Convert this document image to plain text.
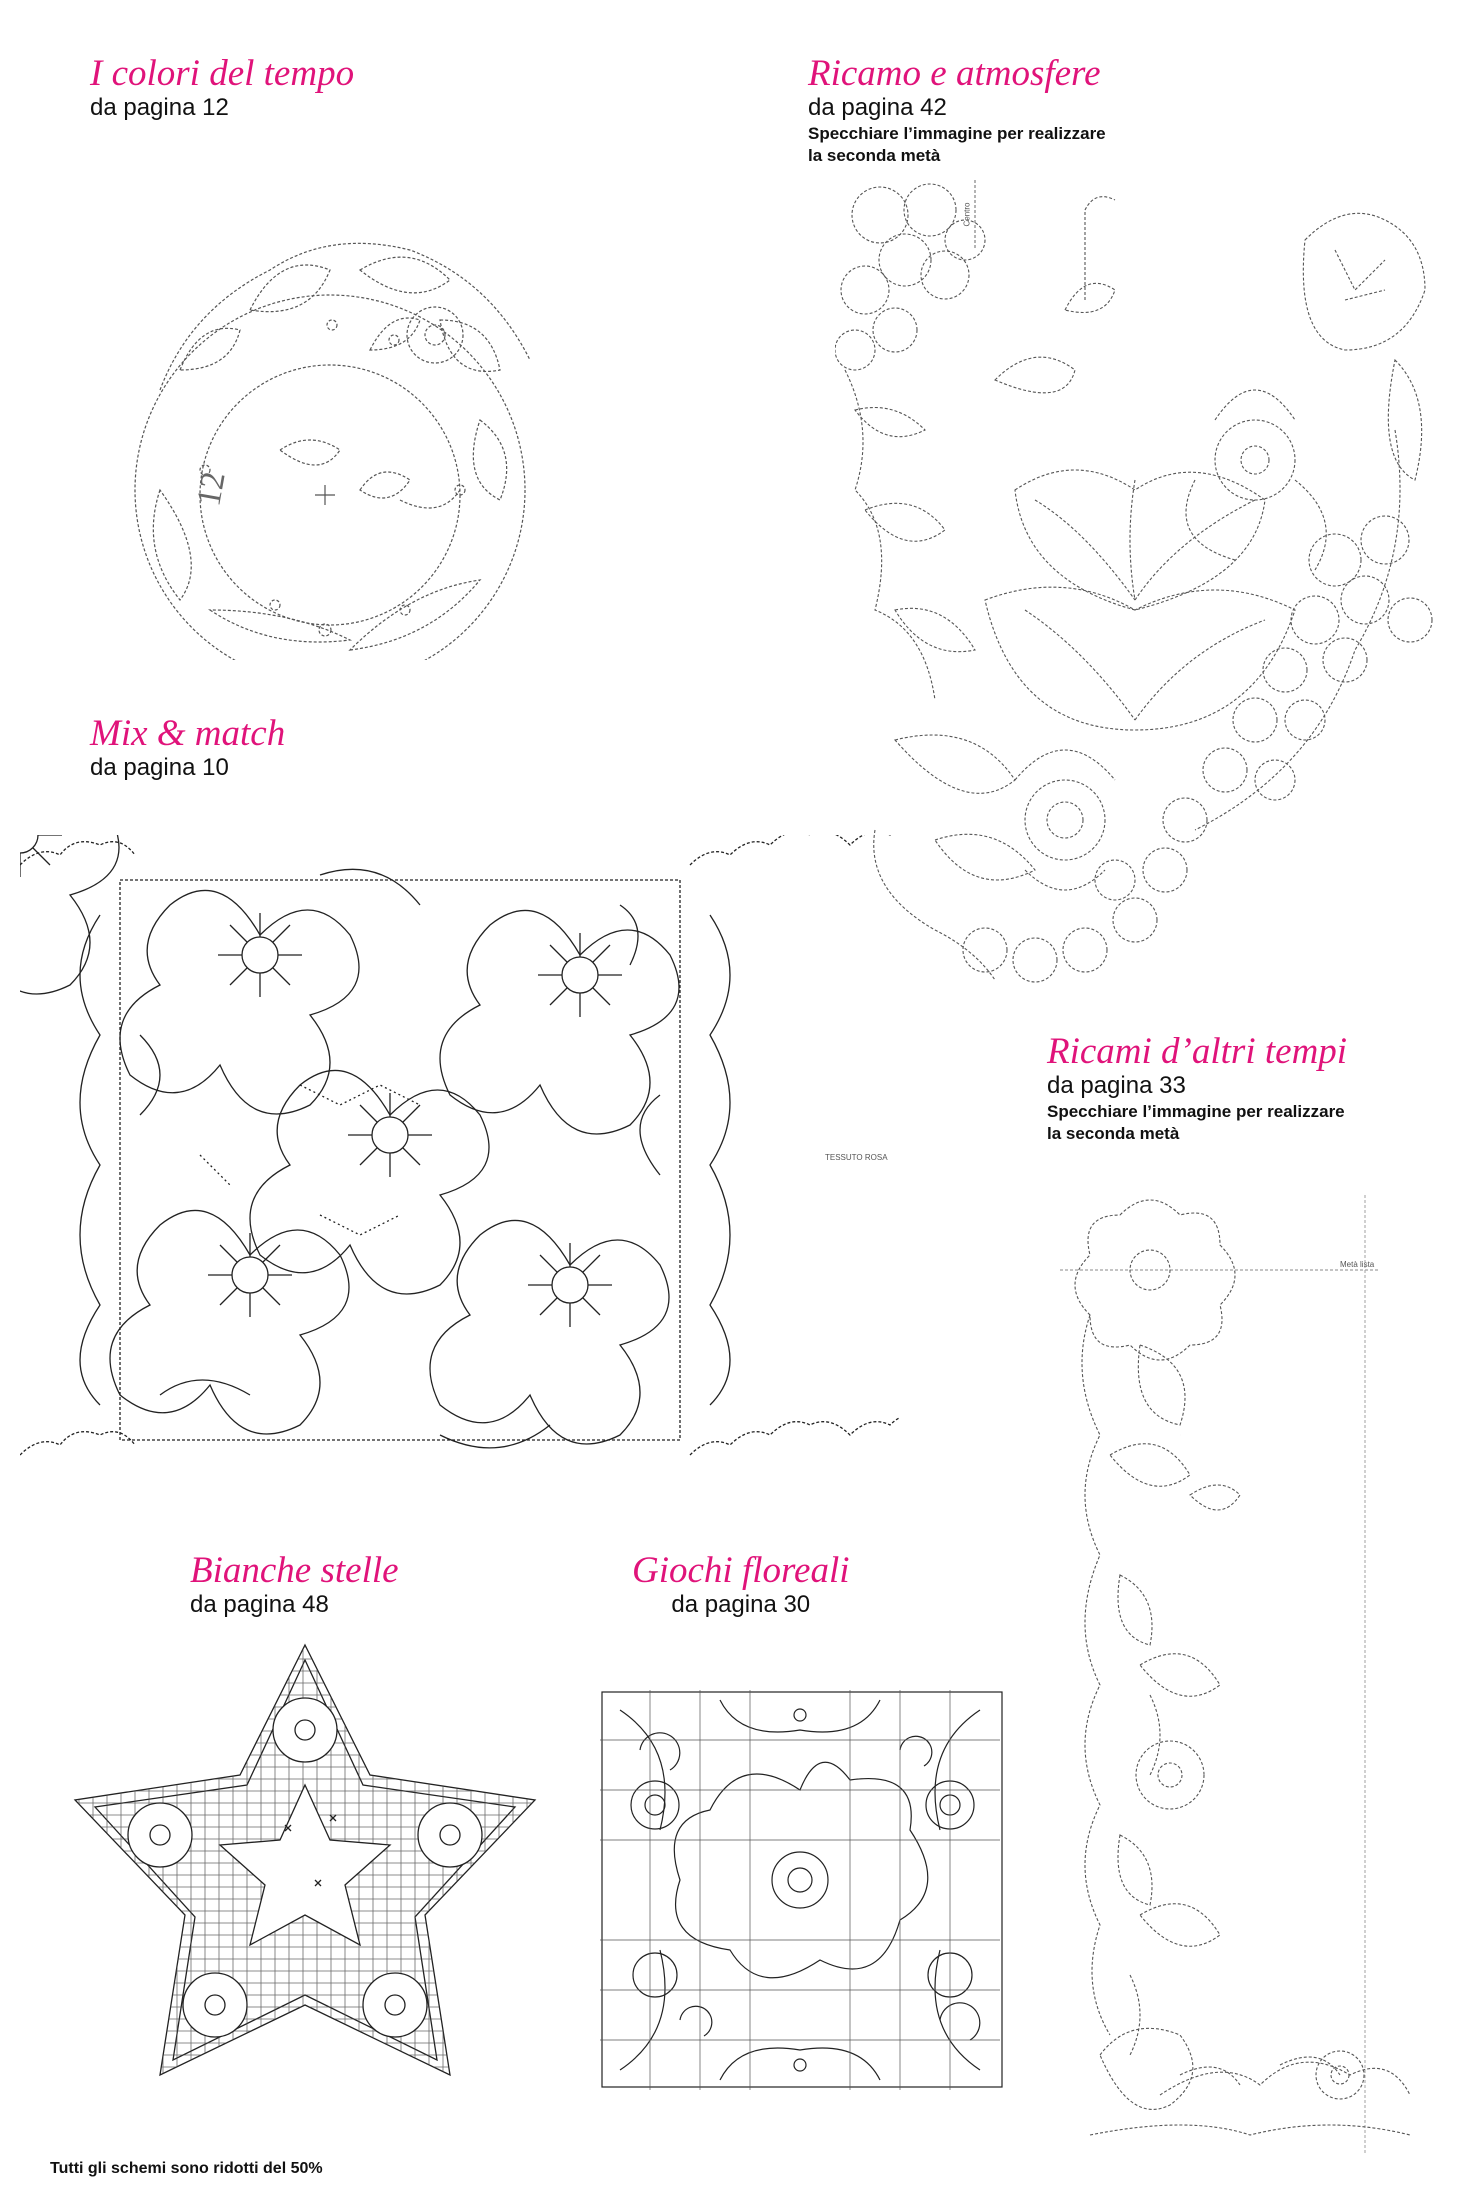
I colori del tempo
da pagina 12
Ricamo e atmosfere
da pagina 42
Specchiare l’immagine per realizzare
la seconda metà
Mix & match
da pagina 10
Ricami d’altri tempi
da pagina 33
Specchiare l’immagine per realizzare
la seconda metà
Bianche stelle
da pagina 48
Giochi floreali
da pagina 30
12
Centro
TESSUTO ROSA
Metà lista
Tutti gli schemi sono ridotti del 50%
